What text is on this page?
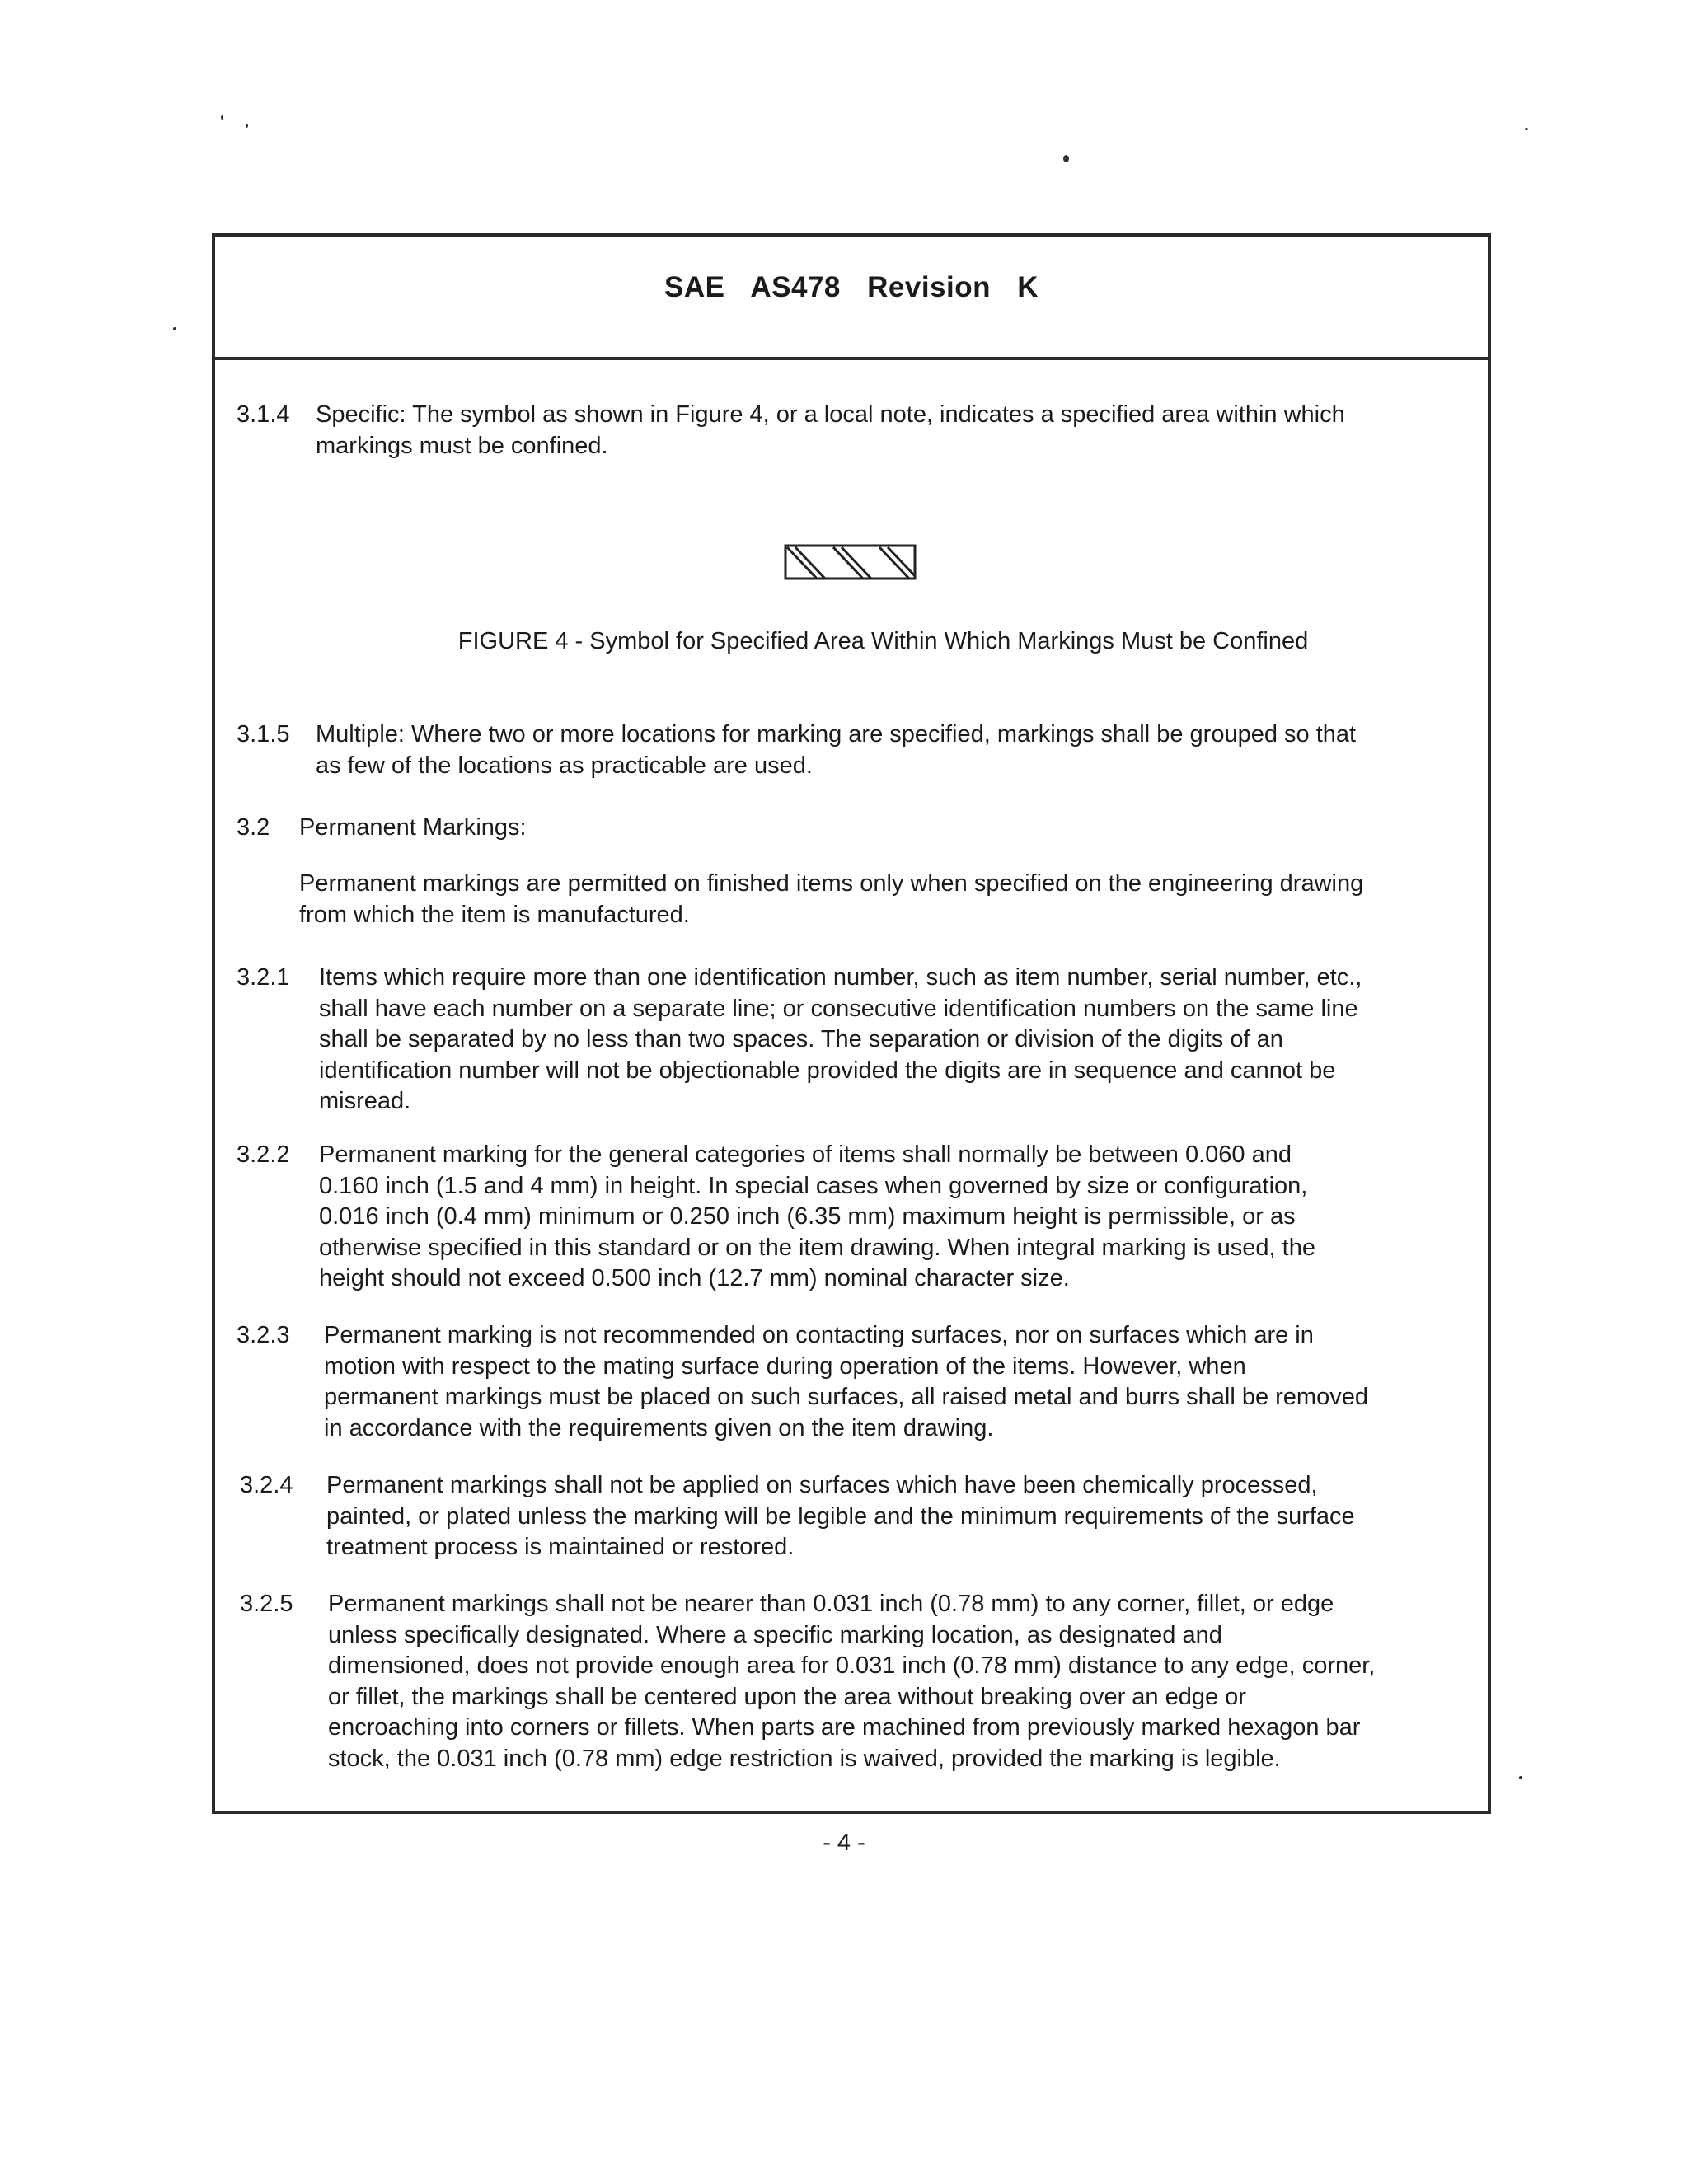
SAE AS478 Revision K
3.1.4 Specific: The symbol as shown in Figure 4, or a local note, indicates a specified area within which
markings must be confined.
FIGURE 4 - Symbol for Specified Area Within Which Markings Must be Confined
3.1.5 Multiple: Where two or more locations for marking are specified, markings shall be grouped so that
as few of the locations as practicable are used.
3.2 Permanent Markings:
Permanent markings are permitted on finished items only when specified on the engineering drawing
from which the item is manufactured.
3.2.1 Items which require more than one identification number, such as item number, serial number, etc.,
shall have each number on a separate line; or consecutive identification numbers on the same line
shall be separated by no less than two spaces. The separation or division of the digits of an
identification number will not be objectionable provided the digits are in sequence and cannot be
misread.
3.2.2 Permanent marking for the general categories of items shall normally be between 0.060 and
0.160 inch (1.5 and 4 mm) in height. In special cases when governed by size or configuration,
0.016 inch (0.4 mm) minimum or 0.250 inch (6.35 mm) maximum height is permissible, or as
otherwise specified in this standard or on the item drawing. When integral marking is used, the
height should not exceed 0.500 inch (12.7 mm) nominal character size.
3.2.3 Permanent marking is not recommended on contacting surfaces, nor on surfaces which are in
motion with respect to the mating surface during operation of the items. However, when
permanent markings must be placed on such surfaces, all raised metal and burrs shall be removed
in accordance with the requirements given on the item drawing.
3.2.4 Permanent markings shall not be applied on surfaces which have been chemically processed,
painted, or plated unless the marking will be legible and the minimum requirements of the surface
treatment process is maintained or restored.
3.2.5 Permanent markings shall not be nearer than 0.031 inch (0.78 mm) to any corner, fillet, or edge
unless specifically designated. Where a specific marking location, as designated and
dimensioned, does not provide enough area for 0.031 inch (0.78 mm) distance to any edge, corner,
or fillet, the markings shall be centered upon the area without breaking over an edge or
encroaching into corners or fillets. When parts are machined from previously marked hexagon bar
stock, the 0.031 inch (0.78 mm) edge restriction is waived, provided the marking is legible.
- 4 -
